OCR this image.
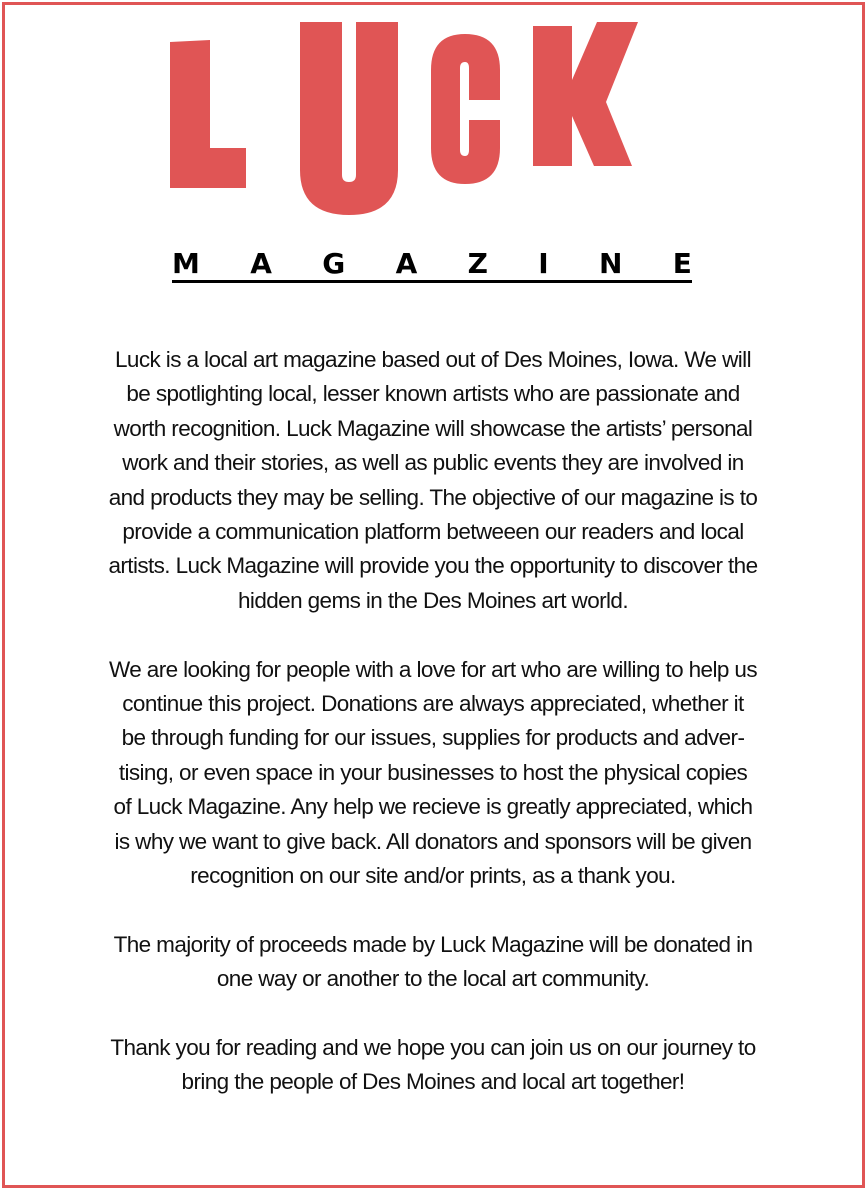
M A G A Z I N E

Luck is a local art magazine based out of Des Moines, Iowa. We will be spotlighting local, lesser known artists who are passionate and worth recognition. Luck Magazine will showcase the artists’ personal work and their stories, as well as public events they are involved in and products they may be selling. The objective of our magazine is to provide a communication platform betweeen our readers and local artists. Luck Magazine will provide you the opportunity to discover the hidden gems in the Des Moines art world.

We are looking for people with a love for art who are willing to help us continue this project. Donations are always appreciated, whether it be through funding for our issues, supplies for products and adver-tising, or even space in your businesses to host the physical copies of Luck Magazine. Any help we recieve is greatly appreciated, which is why we want to give back. All donators and sponsors will be given recognition on our site and/or prints, as a thank you.

The majority of proceeds made by Luck Magazine will be donated in one way or another to the local art community.

Thank you for reading and we hope you can join us on our journey to bring the people of Des Moines and local art together!
